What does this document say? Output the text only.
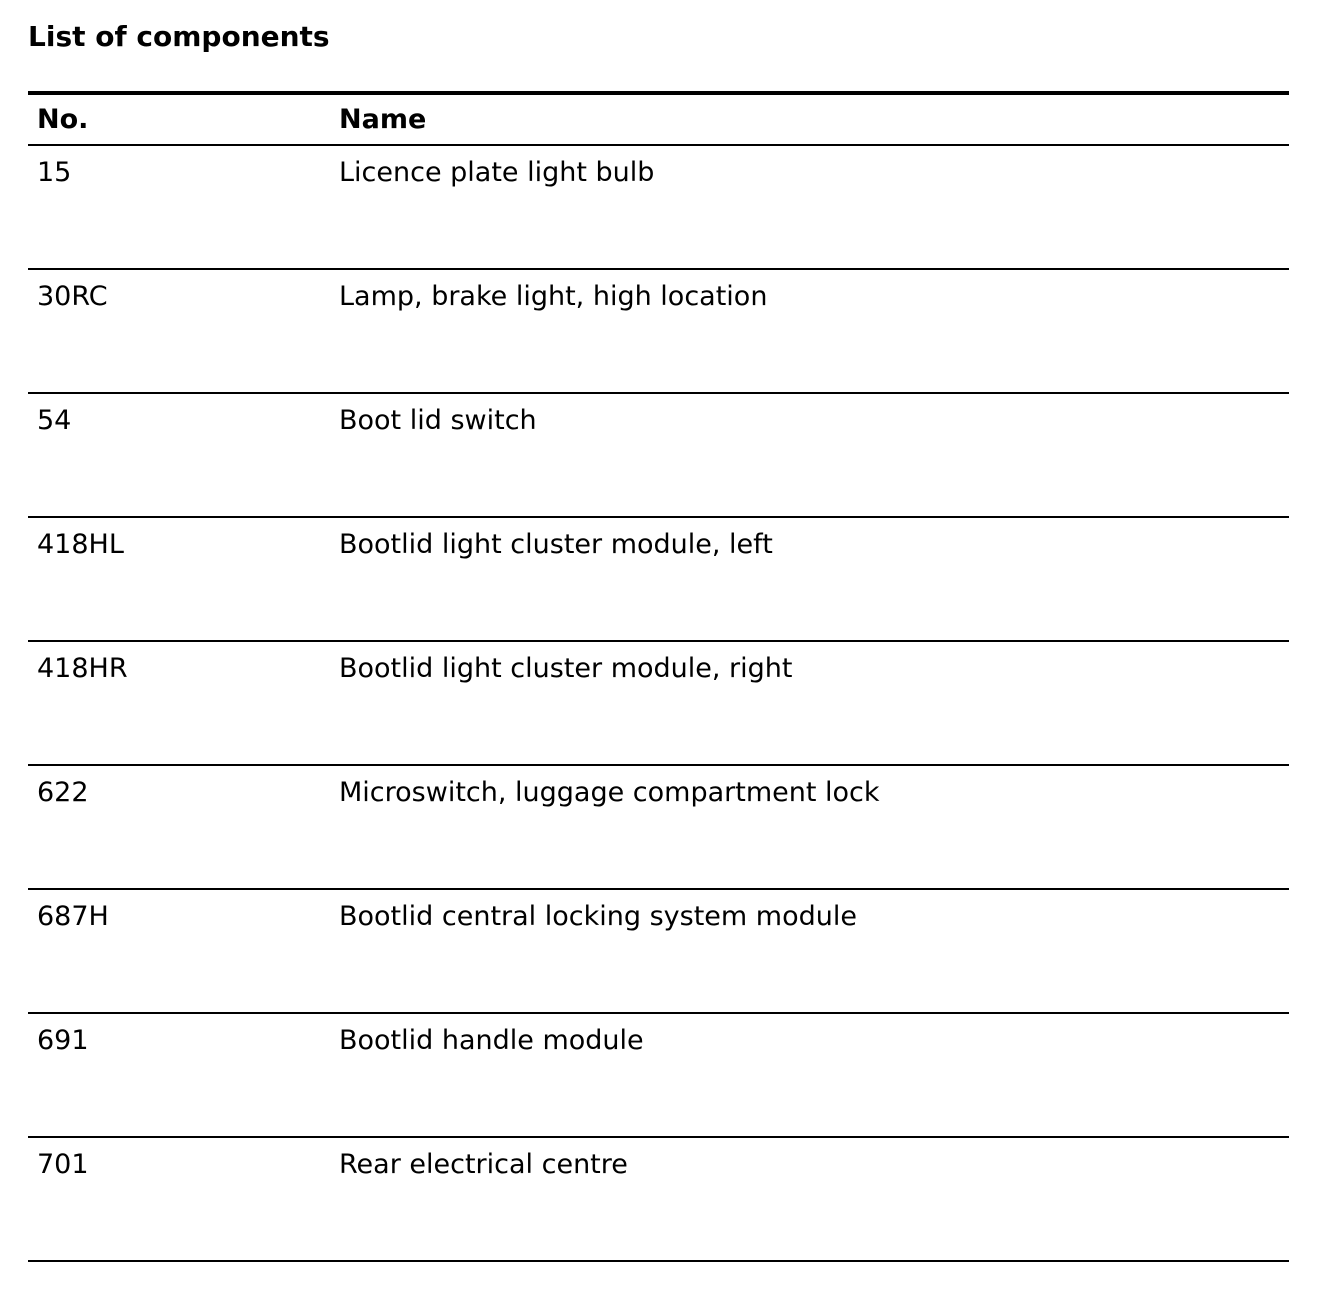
List of components
No.	Name
15	Licence plate light bulb
30RC	Lamp, brake light, high location
54	Boot lid switch
418HL	Bootlid light cluster module, left
418HR	Bootlid light cluster module, right
622	Microswitch, luggage compartment lock
687H	Bootlid central locking system module
691	Bootlid handle module
701	Rear electrical centre
